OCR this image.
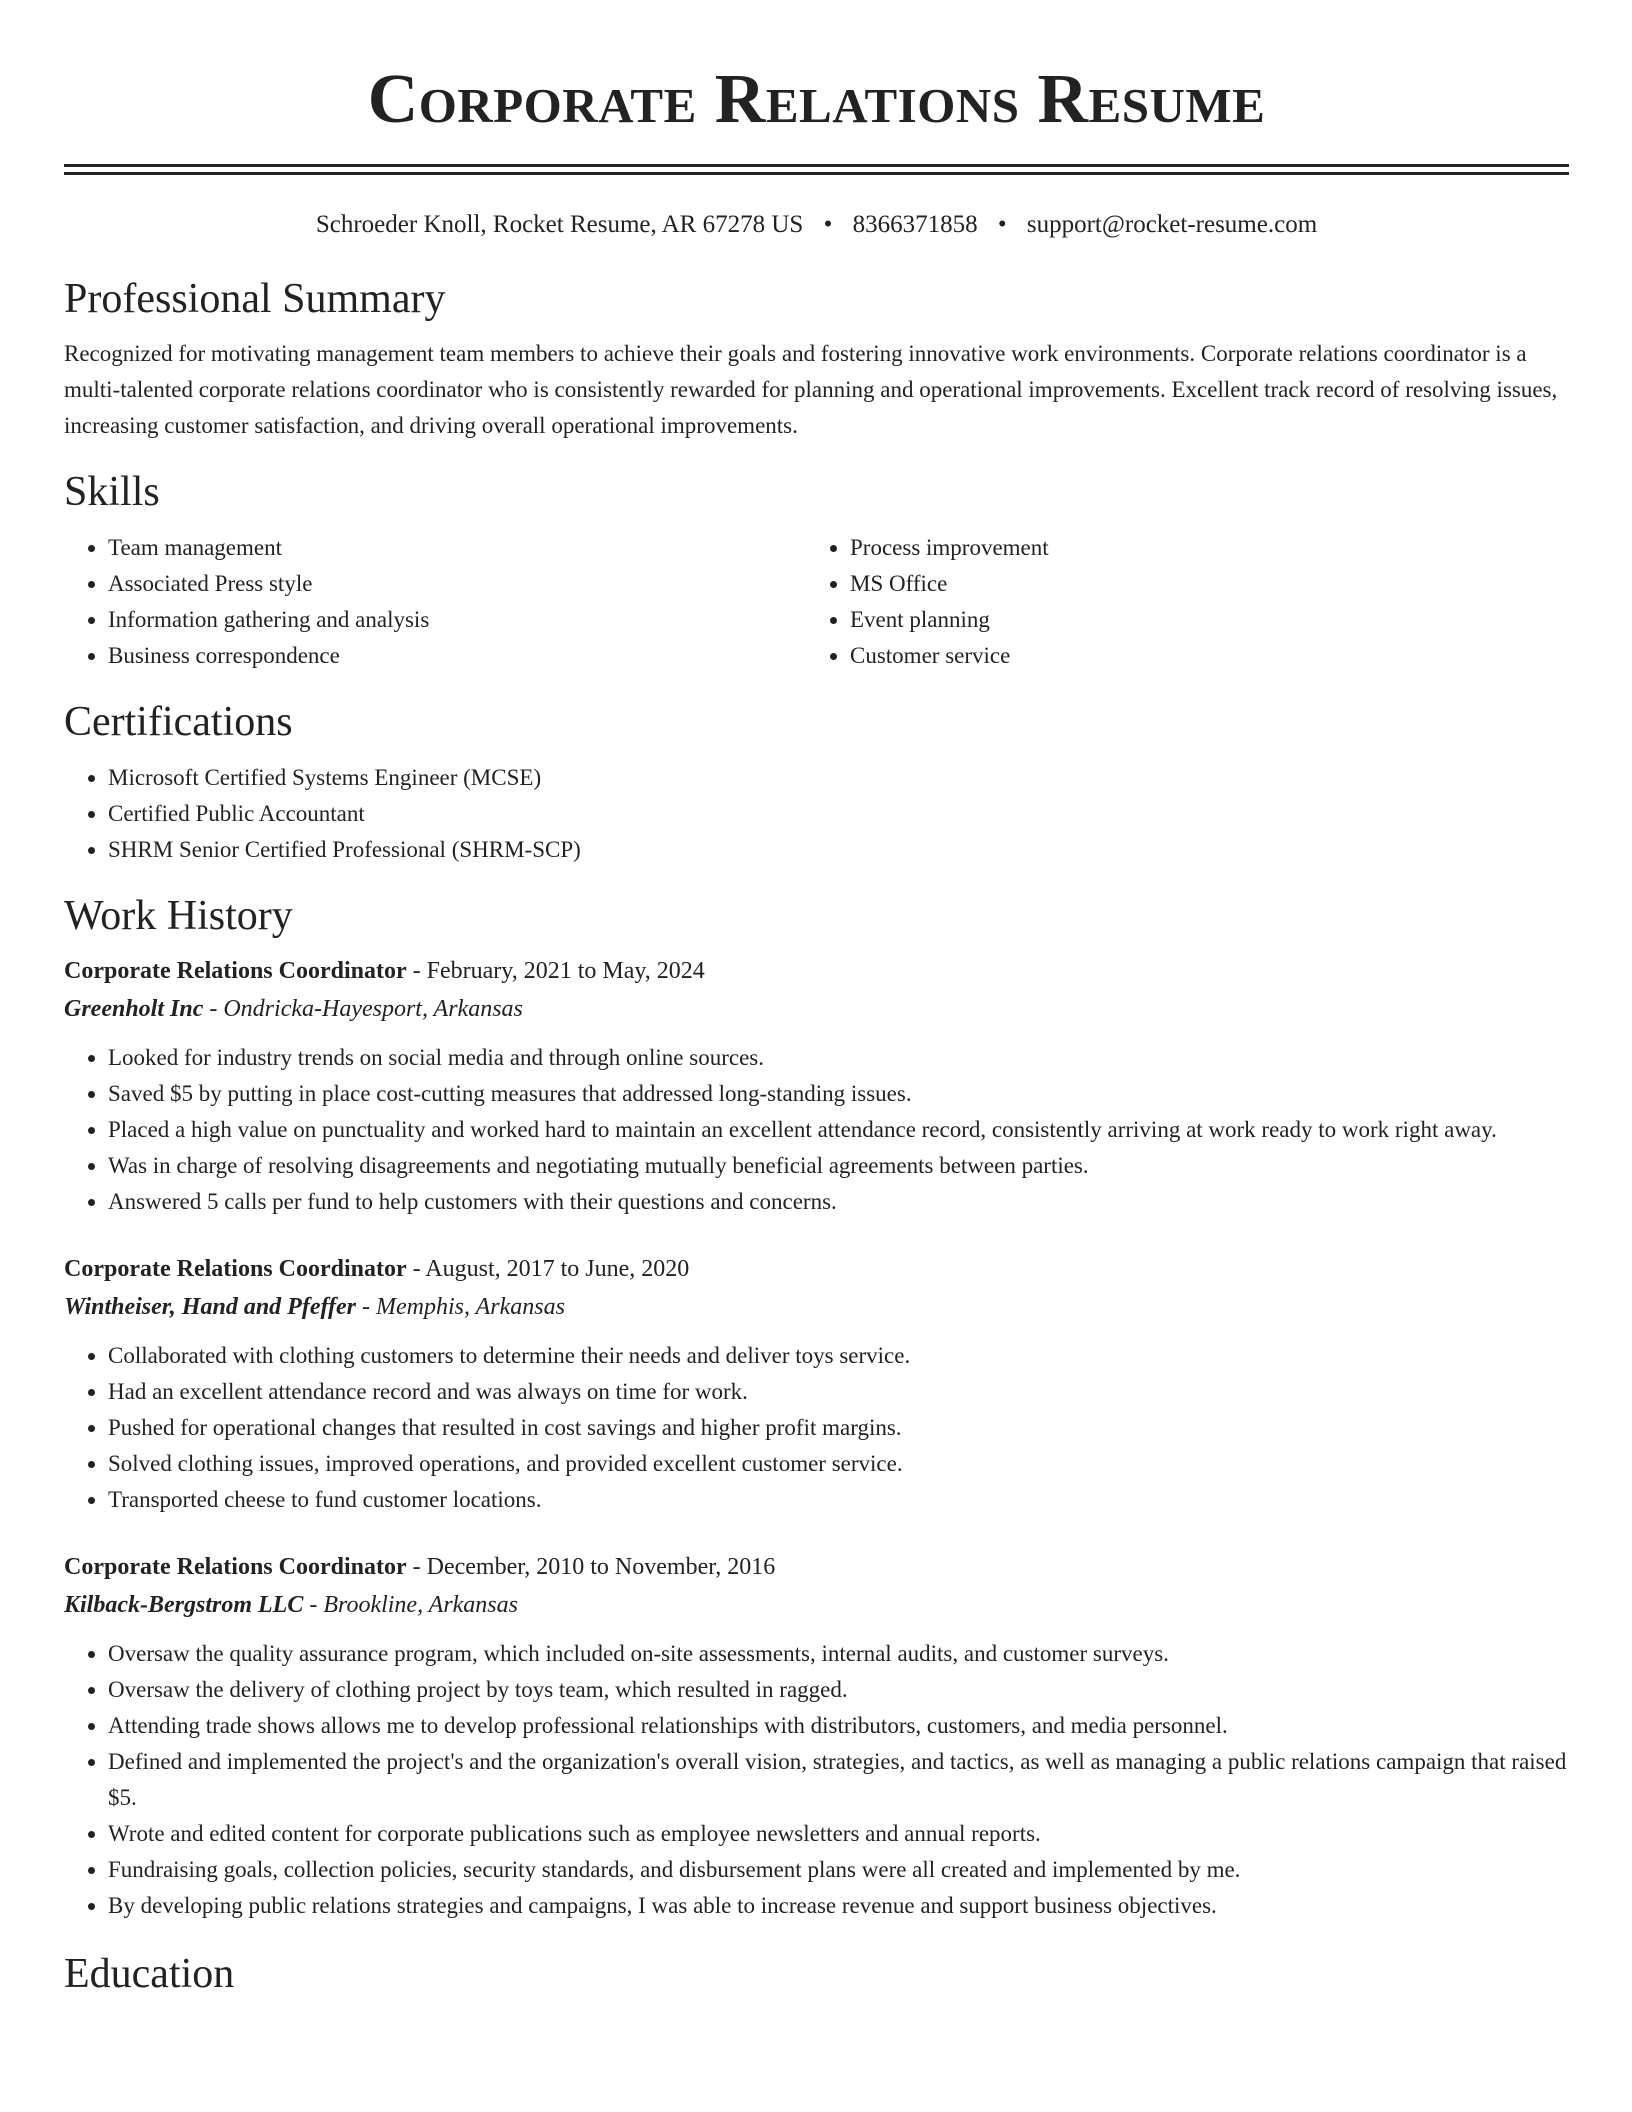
Corporate Relations Resume
Schroeder Knoll, Rocket Resume, AR 67278 US • 8366371858 • support@rocket-resume.com
Professional Summary
Recognized for motivating management team members to achieve their goals and fostering innovative work environments. Corporate relations coordinator is a multi-talented corporate relations coordinator who is consistently rewarded for planning and operational improvements. Excellent track record of resolving issues, increasing customer satisfaction, and driving overall operational improvements.
Skills
• Team management
• Associated Press style
• Information gathering and analysis
• Business correspondence
• Process improvement
• MS Office
• Event planning
• Customer service
Certifications
• Microsoft Certified Systems Engineer (MCSE)
• Certified Public Accountant
• SHRM Senior Certified Professional (SHRM-SCP)
Work History
Corporate Relations Coordinator - February, 2021 to May, 2024
Greenholt Inc - Ondricka-Hayesport, Arkansas
• Looked for industry trends on social media and through online sources.
• Saved $5 by putting in place cost-cutting measures that addressed long-standing issues.
• Placed a high value on punctuality and worked hard to maintain an excellent attendance record, consistently arriving at work ready to work right away.
• Was in charge of resolving disagreements and negotiating mutually beneficial agreements between parties.
• Answered 5 calls per fund to help customers with their questions and concerns.
Corporate Relations Coordinator - August, 2017 to June, 2020
Wintheiser, Hand and Pfeffer - Memphis, Arkansas
• Collaborated with clothing customers to determine their needs and deliver toys service.
• Had an excellent attendance record and was always on time for work.
• Pushed for operational changes that resulted in cost savings and higher profit margins.
• Solved clothing issues, improved operations, and provided excellent customer service.
• Transported cheese to fund customer locations.
Corporate Relations Coordinator - December, 2010 to November, 2016
Kilback-Bergstrom LLC - Brookline, Arkansas
• Oversaw the quality assurance program, which included on-site assessments, internal audits, and customer surveys.
• Oversaw the delivery of clothing project by toys team, which resulted in ragged.
• Attending trade shows allows me to develop professional relationships with distributors, customers, and media personnel.
• Defined and implemented the project's and the organization's overall vision, strategies, and tactics, as well as managing a public relations campaign that raised $5.
• Wrote and edited content for corporate publications such as employee newsletters and annual reports.
• Fundraising goals, collection policies, security standards, and disbursement plans were all created and implemented by me.
• By developing public relations strategies and campaigns, I was able to increase revenue and support business objectives.
Education
